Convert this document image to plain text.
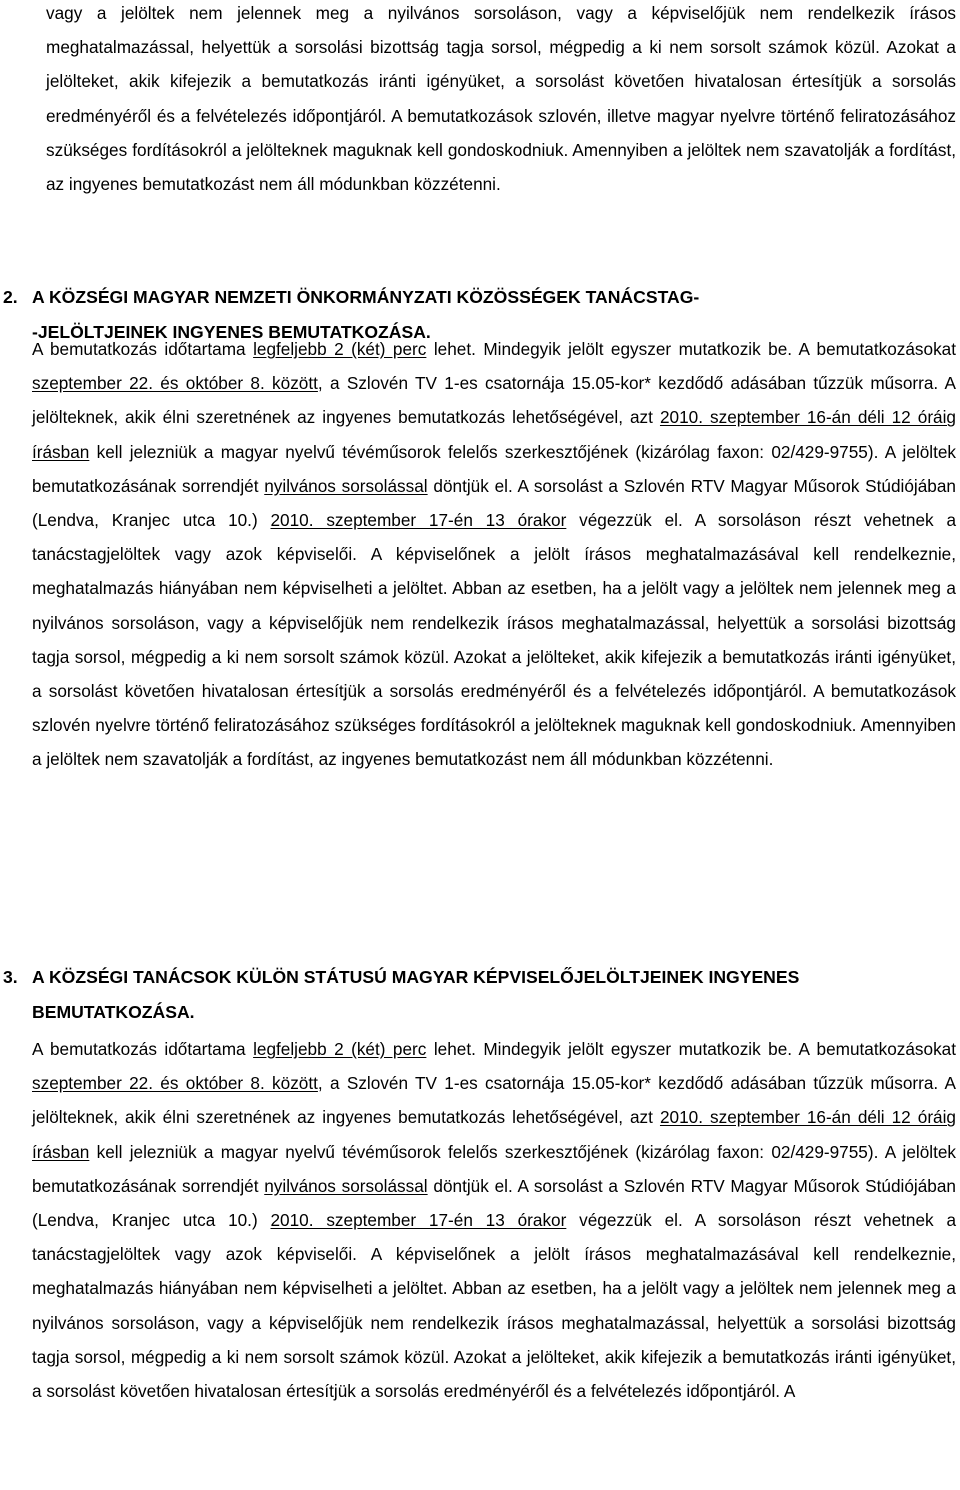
vagy a jelöltek nem jelennek meg a nyilvános sorsoláson, vagy a képviselőjük nem rendelkezik írásos meghatalmazással, helyettük a sorsolási bizottság tagja sorsol, mégpedig a ki nem sorsolt számok közül. Azokat a jelölteket, akik kifejezik a bemutatkozás iránti igényüket, a sorsolást követően hivatalosan értesítjük a sorsolás eredményéről és a felvételezés időpontjáról. A bemutatkozások szlovén, illetve magyar nyelvre történő feliratozásához szükséges fordításokról a jelölteknek maguknak kell gondoskodniuk. Amennyiben a jelöltek nem szavatolják a fordítást, az ingyenes bemutatkozást nem áll módunkban közzétenni.

2. A KÖZSÉGI MAGYAR NEMZETI ÖNKORMÁNYZATI KÖZÖSSÉGEK TANÁCSTAG-
-JELÖLTJEINEK INGYENES BEMUTATKOZÁSA.

A bemutatkozás időtartama legfeljebb 2 (két) perc lehet. Mindegyik jelölt egyszer mutatkozik be. A bemutatkozásokat szeptember 22. és október 8. között, a Szlovén TV 1-es csatornája 15.05-kor* kezdődő adásában tűzzük műsorra. A jelölteknek, akik élni szeretnének az ingyenes bemutatkozás lehetőségével, azt 2010. szeptember 16-án déli 12 óráig írásban kell jelezniük a magyar nyelvű tévéműsorok felelős szerkesztőjének (kizárólag faxon: 02/429-9755). A jelöltek bemutatkozásának sorrendjét nyilvános sorsolással döntjük el. A sorsolást a Szlovén RTV Magyar Műsorok Stúdiójában (Lendva, Kranjec utca 10.) 2010. szeptember 17-én 13 órakor végezzük el. A sorsoláson részt vehetnek a tanácstagjelöltek vagy azok képviselői. A képviselőnek a jelölt írásos meghatalmazásával kell rendelkeznie, meghatalmazás hiányában nem képviselheti a jelöltet. Abban az esetben, ha a jelölt vagy a jelöltek nem jelennek meg a nyilvános sorsoláson, vagy a képviselőjük nem rendelkezik írásos meghatalmazással, helyettük a sorsolási bizottság tagja sorsol, mégpedig a ki nem sorsolt számok közül. Azokat a jelölteket, akik kifejezik a bemutatkozás iránti igényüket, a sorsolást követően hivatalosan értesítjük a sorsolás eredményéről és a felvételezés időpontjáról. A bemutatkozások szlovén nyelvre történő feliratozásához szükséges fordításokról a jelölteknek maguknak kell gondoskodniuk. Amennyiben a jelöltek nem szavatolják a fordítást, az ingyenes bemutatkozást nem áll módunkban közzétenni.

3. A KÖZSÉGI TANÁCSOK KÜLÖN STÁTUSÚ MAGYAR KÉPVISELŐJELÖLTJEINEK INGYENES
BEMUTATKOZÁSA.

A bemutatkozás időtartama legfeljebb 2 (két) perc lehet. Mindegyik jelölt egyszer mutatkozik be. A bemutatkozásokat szeptember 22. és október 8. között, a Szlovén TV 1-es csatornája 15.05-kor* kezdődő adásában tűzzük műsorra. A jelölteknek, akik élni szeretnének az ingyenes bemutatkozás lehetőségével, azt 2010. szeptember 16-án déli 12 óráig írásban kell jelezniük a magyar nyelvű tévéműsorok felelős szerkesztőjének (kizárólag faxon: 02/429-9755). A jelöltek bemutatkozásának sorrendjét nyilvános sorsolással döntjük el. A sorsolást a Szlovén RTV Magyar Műsorok Stúdiójában (Lendva, Kranjec utca 10.) 2010. szeptember 17-én 13 órakor végezzük el. A sorsoláson részt vehetnek a tanácstagjelöltek vagy azok képviselői. A képviselőnek a jelölt írásos meghatalmazásával kell rendelkeznie, meghatalmazás hiányában nem képviselheti a jelöltet. Abban az esetben, ha a jelölt vagy a jelöltek nem jelennek meg a nyilvános sorsoláson, vagy a képviselőjük nem rendelkezik írásos meghatalmazással, helyettük a sorsolási bizottság tagja sorsol, mégpedig a ki nem sorsolt számok közül. Azokat a jelölteket, akik kifejezik a bemutatkozás iránti igényüket, a sorsolást követően hivatalosan értesítjük a sorsolás eredményéről és a felvételezés időpontjáról. A
